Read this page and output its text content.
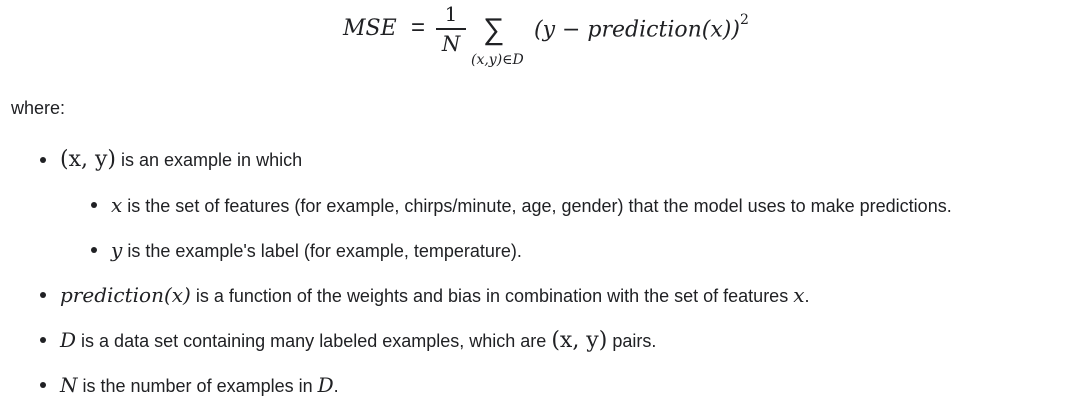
MSE = 1
N ∑
(x,y)∈D
(y − prediction(x))$^2$
where:
(x, y) is an example in which
x is the set of features (for example, chirps/minute, age, gender) that the model uses to make predictions.
y is the example's label (for example, temperature).
prediction(x) is a function of the weights and bias in combination with the set of features x.
D is a data set containing many labeled examples, which are (x, y) pairs.
N is the number of examples in D.
